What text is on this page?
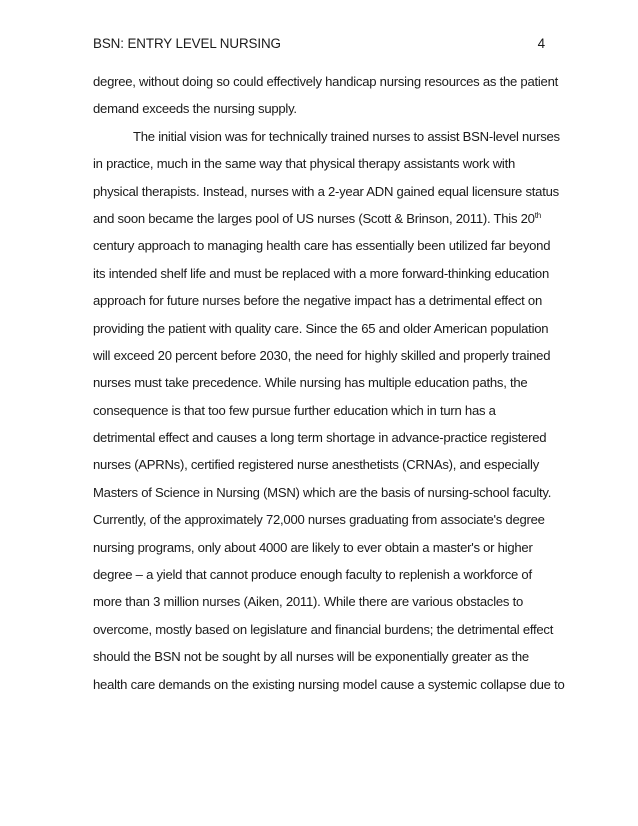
BSN: ENTRY LEVEL NURSING	4
degree, without doing so could effectively handicap nursing resources as the patient
demand exceeds the nursing supply.
The initial vision was for technically trained nurses to assist BSN-level nurses
in practice, much in the same way that physical therapy assistants work with
physical therapists. Instead, nurses with a 2-year ADN gained equal licensure status
and soon became the larges pool of US nurses (Scott & Brinson, 2011). This 20th
century approach to managing health care has essentially been utilized far beyond
its intended shelf life and must be replaced with a more forward-thinking education
approach for future nurses before the negative impact has a detrimental effect on
providing the patient with quality care. Since the 65 and older American population
will exceed 20 percent before 2030, the need for highly skilled and properly trained
nurses must take precedence. While nursing has multiple education paths, the
consequence is that too few pursue further education which in turn has a
detrimental effect and causes a long term shortage in advance-practice registered
nurses (APRNs), certified registered nurse anesthetists (CRNAs), and especially
Masters of Science in Nursing (MSN) which are the basis of nursing-school faculty.
Currently, of the approximately 72,000 nurses graduating from associate's degree
nursing programs, only about 4000 are likely to ever obtain a master's or higher
degree – a yield that cannot produce enough faculty to replenish a workforce of
more than 3 million nurses (Aiken, 2011). While there are various obstacles to
overcome, mostly based on legislature and financial burdens; the detrimental effect
should the BSN not be sought by all nurses will be exponentially greater as the
health care demands on the existing nursing model cause a systemic collapse due to
